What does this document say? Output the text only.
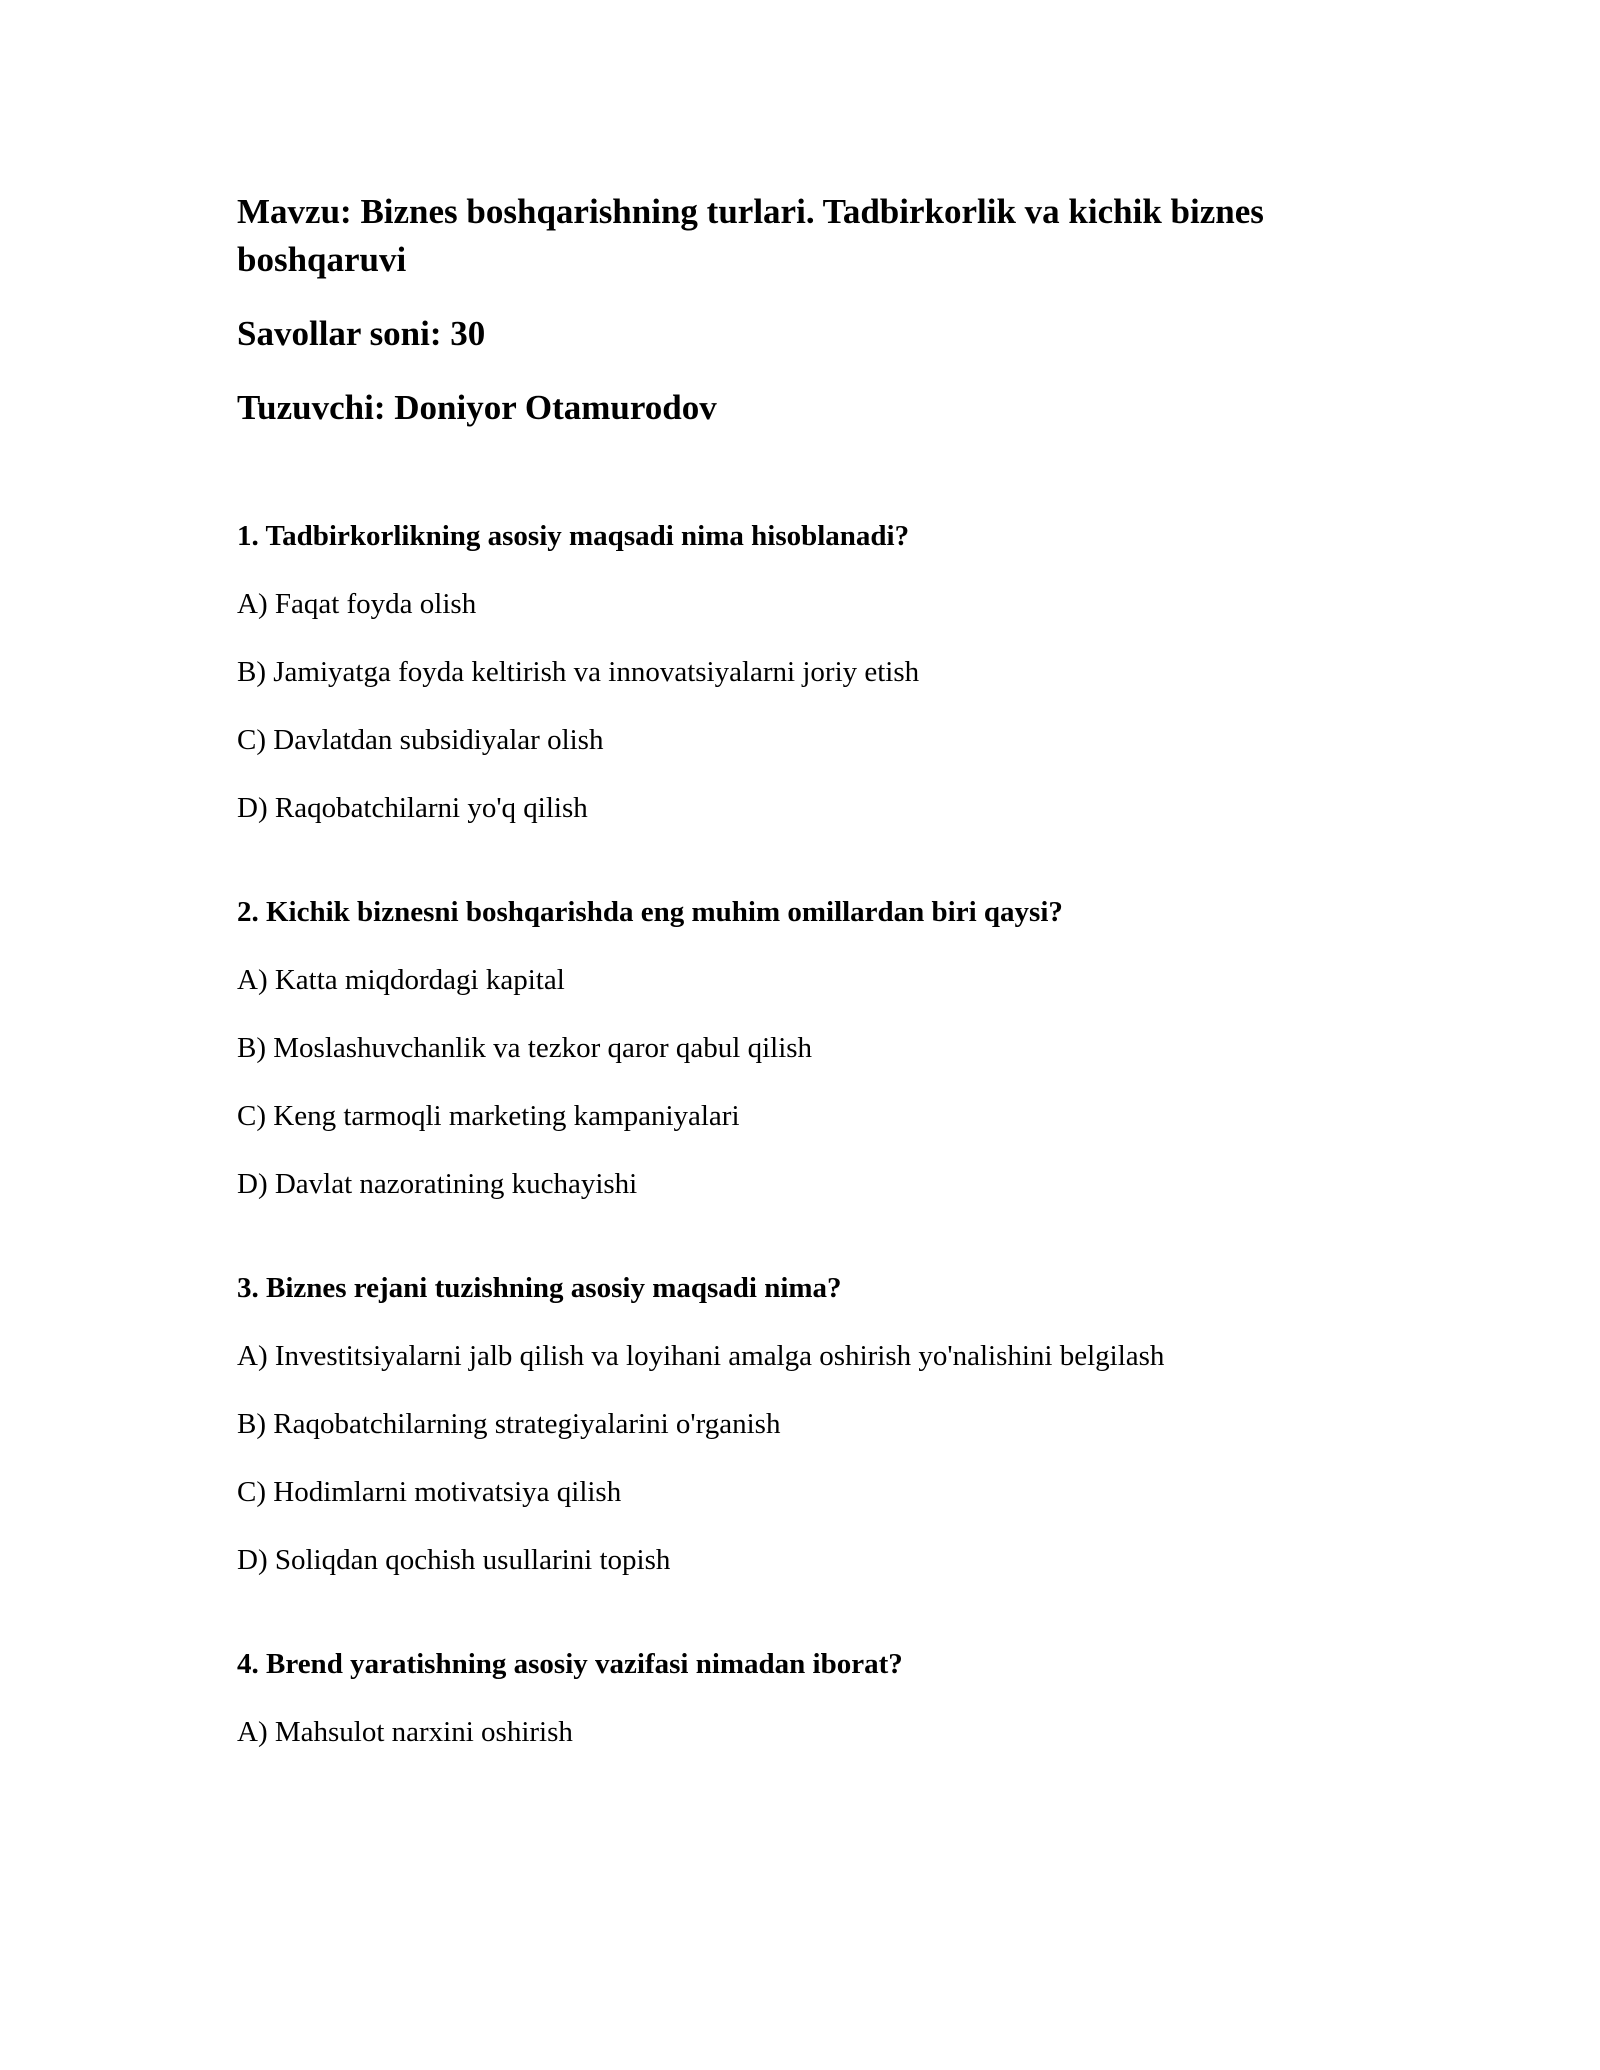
Mavzu: Biznes boshqarishning turlari. Tadbirkorlik va kichik biznes boshqaruvi

Savollar soni: 30

Tuzuvchi: Doniyor Otamurodov

1. Tadbirkorlikning asosiy maqsadi nima hisoblanadi?

A) Faqat foyda olish

B) Jamiyatga foyda keltirish va innovatsiyalarni joriy etish

C) Davlatdan subsidiyalar olish

D) Raqobatchilarni yo'q qilish

2. Kichik biznesni boshqarishda eng muhim omillardan biri qaysi?

A) Katta miqdordagi kapital

B) Moslashuvchanlik va tezkor qaror qabul qilish

C) Keng tarmoqli marketing kampaniyalari

D) Davlat nazoratining kuchayishi

3. Biznes rejani tuzishning asosiy maqsadi nima?

A) Investitsiyalarni jalb qilish va loyihani amalga oshirish yo'nalishini belgilash

B) Raqobatchilarning strategiyalarini o'rganish

C) Hodimlarni motivatsiya qilish

D) Soliqdan qochish usullarini topish

4. Brend yaratishning asosiy vazifasi nimadan iborat?

A) Mahsulot narxini oshirish
